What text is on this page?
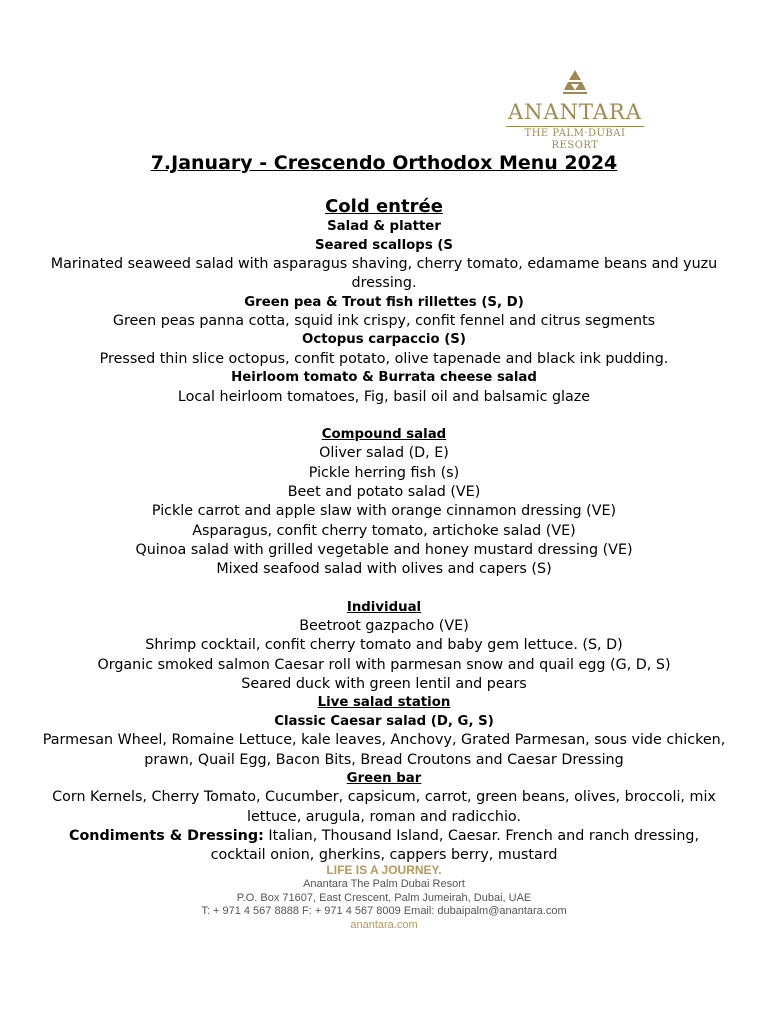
ANANTARA
THE PALM·DUBAI
RESORT
7.January - Crescendo Orthodox Menu 2024
Cold entrée

Salad & platter

Seared scallops (S

Marinated seaweed salad with asparagus shaving, cherry tomato, edamame beans and yuzu dressing.

Green pea & Trout fish rillettes (S, D)

Green peas panna cotta, squid ink crispy, confit fennel and citrus segments

Octopus carpaccio (S)

Pressed thin slice octopus, confit potato, olive tapenade and black ink pudding.

Heirloom tomato & Burrata cheese salad

Local heirloom tomatoes, Fig, basil oil and balsamic glaze

Compound salad

Oliver salad (D, E)

Pickle herring fish (s)

Beet and potato salad (VE)

Pickle carrot and apple slaw with orange cinnamon dressing (VE)

Asparagus, confit cherry tomato, artichoke salad (VE)

Quinoa salad with grilled vegetable and honey mustard dressing (VE)

Mixed seafood salad with olives and capers (S)

Individual

Beetroot gazpacho (VE)

Shrimp cocktail, confit cherry tomato and baby gem lettuce. (S, D)

Organic smoked salmon Caesar roll with parmesan snow and quail egg (G, D, S)

Seared duck with green lentil and pears

Live salad station

Classic Caesar salad (D, G, S)

Parmesan Wheel, Romaine Lettuce, kale leaves, Anchovy, Grated Parmesan, sous vide chicken, prawn, Quail Egg, Bacon Bits, Bread Croutons and Caesar Dressing

Green bar

Corn Kernels, Cherry Tomato, Cucumber, capsicum, carrot, green beans, olives, broccoli, mix lettuce, arugula, roman and radicchio.

Condiments & Dressing: Italian, Thousand Island, Caesar. French and ranch dressing, cocktail onion, gherkins, cappers berry, mustard

LIFE IS A JOURNEY.
Anantara The Palm Dubai Resort
P.O. Box 71607, East Crescent, Palm Jumeirah, Dubai, UAE
T: + 971 4 567 8888 F: + 971 4 567 8009 Email: dubaipalm@anantara.com
anantara.com
